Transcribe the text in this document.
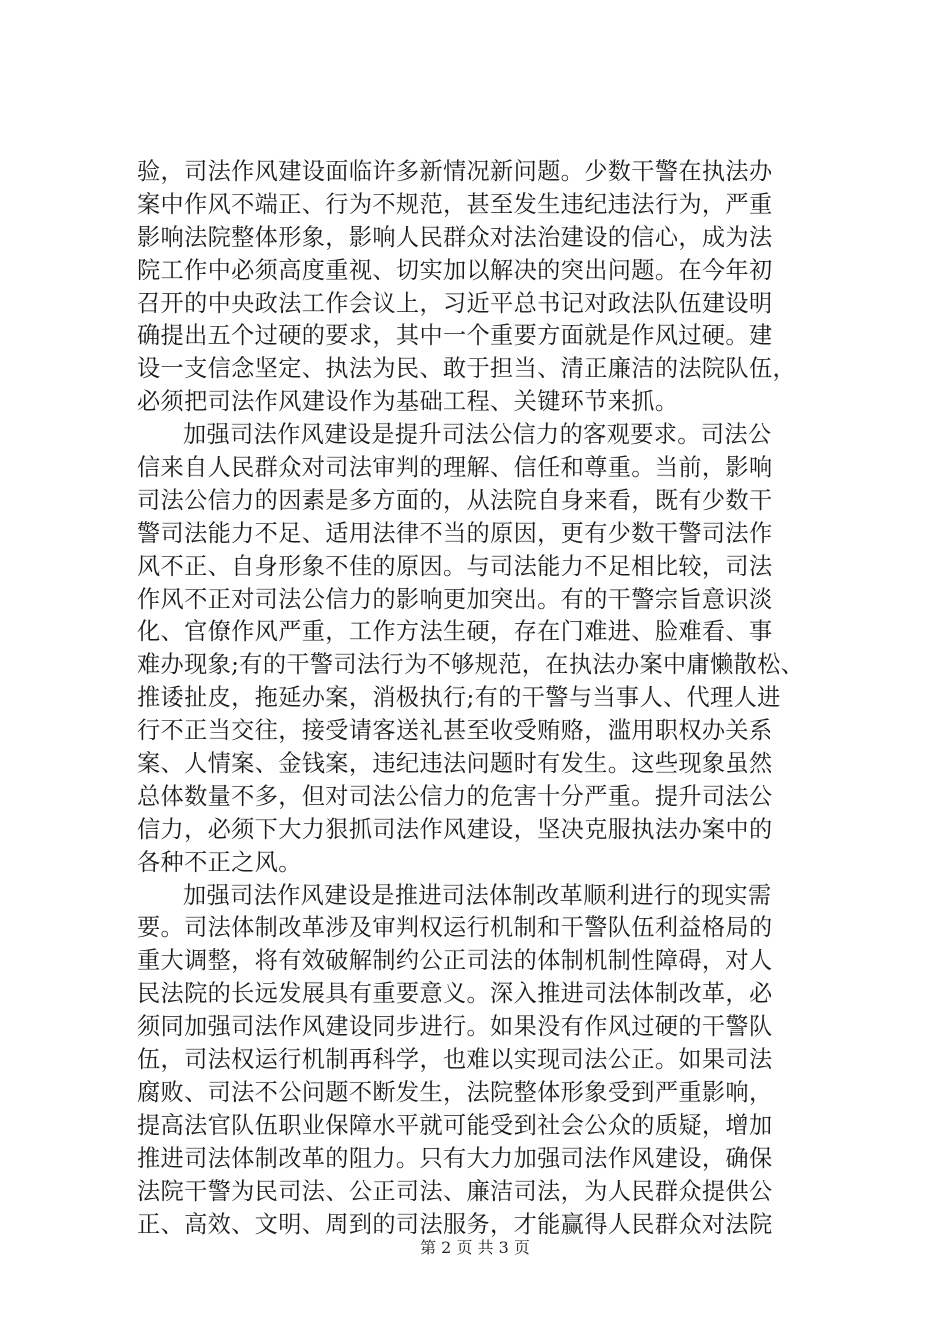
验，司法作风建设面临许多新情况新问题。少数干警在执法办
案中作风不端正、行为不规范，甚至发生违纪违法行为，严重
影响法院整体形象，影响人民群众对法治建设的信心，成为法
院工作中必须高度重视、切实加以解决的突出问题。在今年初
召开的中央政法工作会议上，习近平总书记对政法队伍建设明
确提出五个过硬的要求，其中一个重要方面就是作风过硬。建
设一支信念坚定、执法为民、敢于担当、清正廉洁的法院队伍，
必须把司法作风建设作为基础工程、关键环节来抓。
加强司法作风建设是提升司法公信力的客观要求。司法公
信来自人民群众对司法审判的理解、信任和尊重。当前，影响
司法公信力的因素是多方面的，从法院自身来看，既有少数干
警司法能力不足、适用法律不当的原因，更有少数干警司法作
风不正、自身形象不佳的原因。与司法能力不足相比较，司法
作风不正对司法公信力的影响更加突出。有的干警宗旨意识淡
化、官僚作风严重，工作方法生硬，存在门难进、脸难看、事
难办现象;有的干警司法行为不够规范，在执法办案中庸懒散松、
推诿扯皮，拖延办案，消极执行;有的干警与当事人、代理人进
行不正当交往，接受请客送礼甚至收受贿赂，滥用职权办关系
案、人情案、金钱案，违纪违法问题时有发生。这些现象虽然
总体数量不多，但对司法公信力的危害十分严重。提升司法公
信力，必须下大力狠抓司法作风建设，坚决克服执法办案中的
各种不正之风。
加强司法作风建设是推进司法体制改革顺利进行的现实需
要。司法体制改革涉及审判权运行机制和干警队伍利益格局的
重大调整，将有效破解制约公正司法的体制机制性障碍，对人
民法院的长远发展具有重要意义。深入推进司法体制改革，必
须同加强司法作风建设同步进行。如果没有作风过硬的干警队
伍，司法权运行机制再科学，也难以实现司法公正。如果司法
腐败、司法不公问题不断发生，法院整体形象受到严重影响，
提高法官队伍职业保障水平就可能受到社会公众的质疑，增加
推进司法体制改革的阻力。只有大力加强司法作风建设，确保
法院干警为民司法、公正司法、廉洁司法，为人民群众提供公
正、高效、文明、周到的司法服务，才能赢得人民群众对法院
第 2 页 共 3 页
